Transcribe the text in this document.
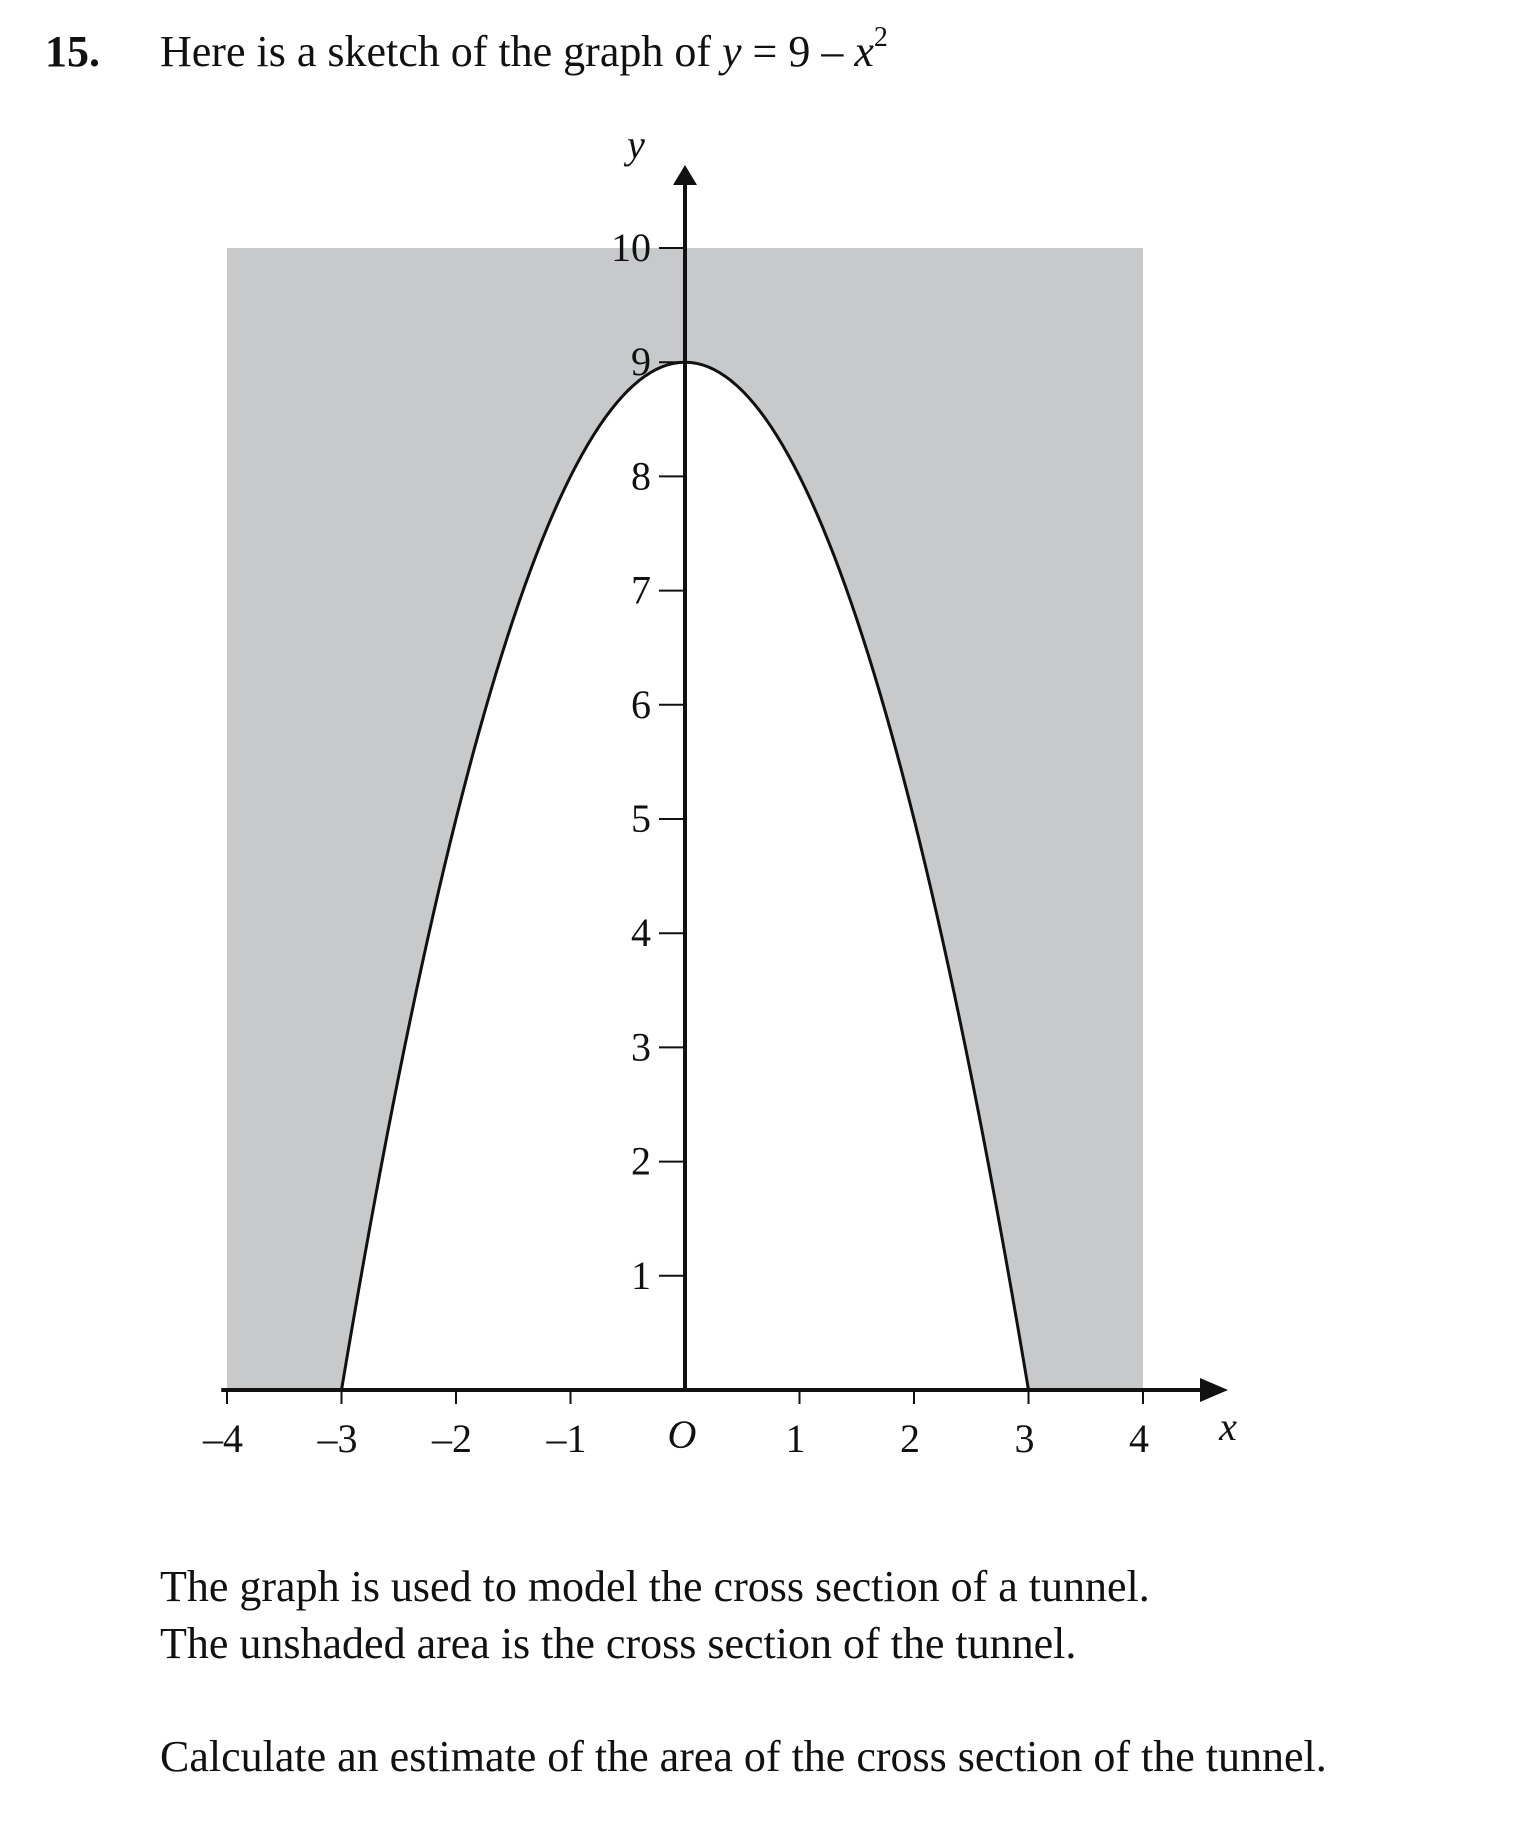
15. Here is a sketch of the graph of $y = 9 - x^2$
–4 –3 –2 –1	1 2 3 4
1
2
3
4
5
6
7
8
9
10
O	x
y
The graph is used to model the cross section of a tunnel.
The unshaded area is the cross section of the tunnel.
Calculate an estimate of the area of the cross section of the tunnel.
